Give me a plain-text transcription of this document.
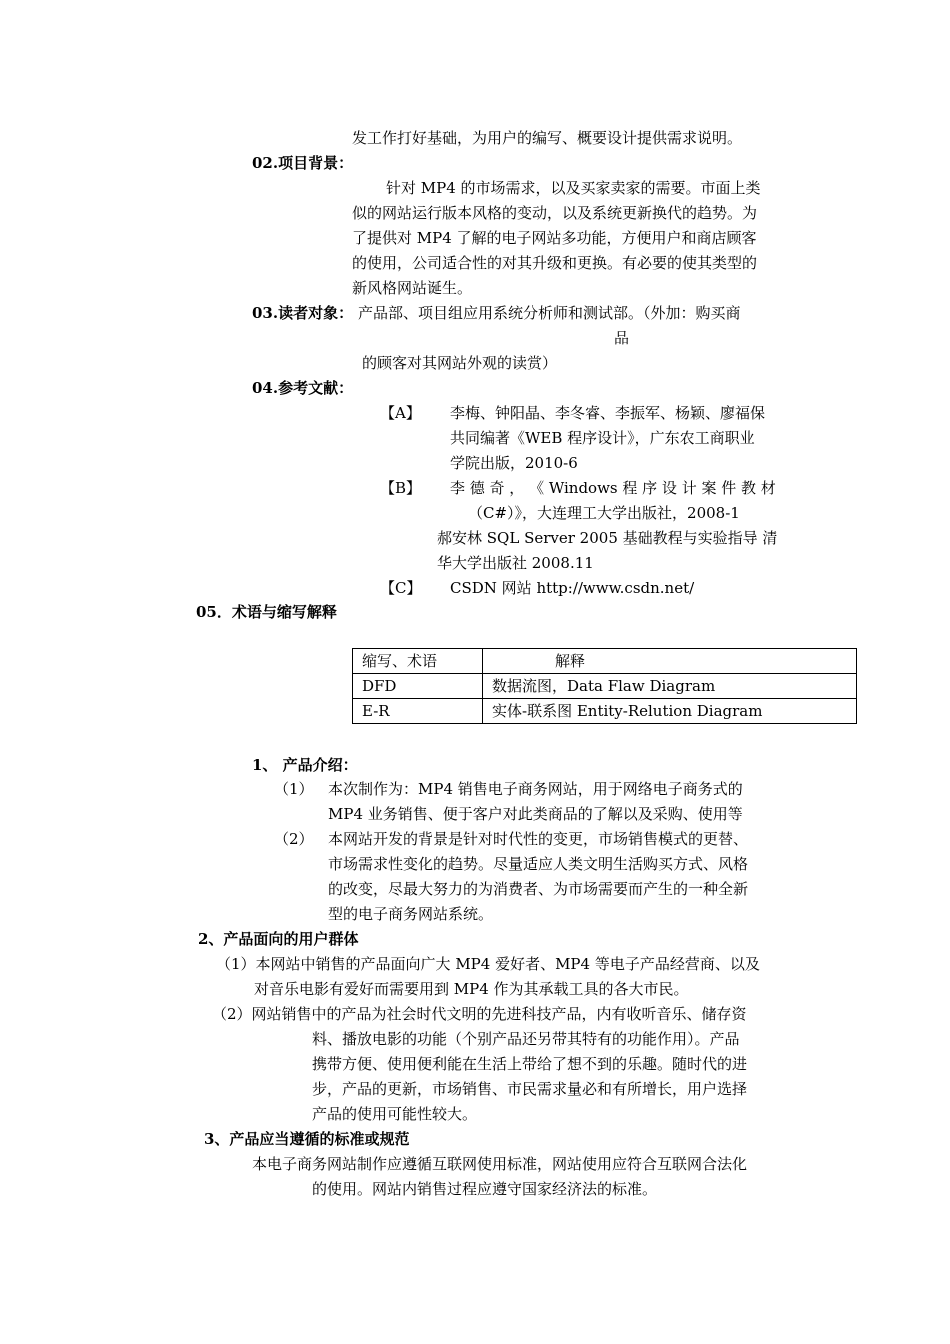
发工作打好基础，为用户的编写、概要设计提供需求说明。
02.项目背景：
针对 MP4 的市场需求，以及买家卖家的需要。市面上类
似的网站运行版本风格的变动，以及系统更新换代的趋势。为
了提供对 MP4 了解的电子网站多功能，方便用户和商店顾客
的使用，公司适合性的对其升级和更换。有必要的使其类型的
新风格网站诞生。
03.读者对象： 产品部、项目组应用系统分析师和测试部。（外加：购买商
品
的顾客对其网站外观的读赏）
04.参考文献：
【A】 李梅、钟阳晶、李冬睿、李振军、杨颖、廖福保
共同编著《WEB 程序设计》，广东农工商职业
学院出版，2010-6
【B】 李 德 奇 ， 《 Windows 程 序 设 计 案 件 教 材
（C#）》，大连理工大学出版社，2008-1
郝安林 SQL Server 2005 基础教程与实验指导 清
华大学出版社 2008.11
【C】 CSDN 网站 http://www.csdn.net/
05．术语与缩写解释
缩写、术语	解释
DFD	数据流图，Data Flaw Diagram
E-R	实体-联系图 Entity-Relution Diagram
1、 产品介绍：
（1） 本次制作为：MP4 销售电子商务网站，用于网络电子商务式的
MP4 业务销售、便于客户对此类商品的了解以及采购、使用等
（2） 本网站开发的背景是针对时代性的变更，市场销售模式的更替、
市场需求性变化的趋势。尽量适应人类文明生活购买方式、风格
的改变，尽最大努力的为消费者、为市场需要而产生的一种全新
型的电子商务网站系统。
2、产品面向的用户群体
（1）本网站中销售的产品面向广大 MP4 爱好者、MP4 等电子产品经营商、以及
对音乐电影有爱好而需要用到 MP4 作为其承载工具的各大市民。
（2）网站销售中的产品为社会时代文明的先进科技产品，内有收听音乐、储存资
料、播放电影的功能（个别产品还另带其特有的功能作用）。产品
携带方便、使用便利能在生活上带给了想不到的乐趣。随时代的进
步，产品的更新，市场销售、市民需求量必和有所增长，用户选择
产品的使用可能性较大。
3、产品应当遵循的标准或规范
本电子商务网站制作应遵循互联网使用标准，网站使用应符合互联网合法化
的使用。网站内销售过程应遵守国家经济法的标准。
